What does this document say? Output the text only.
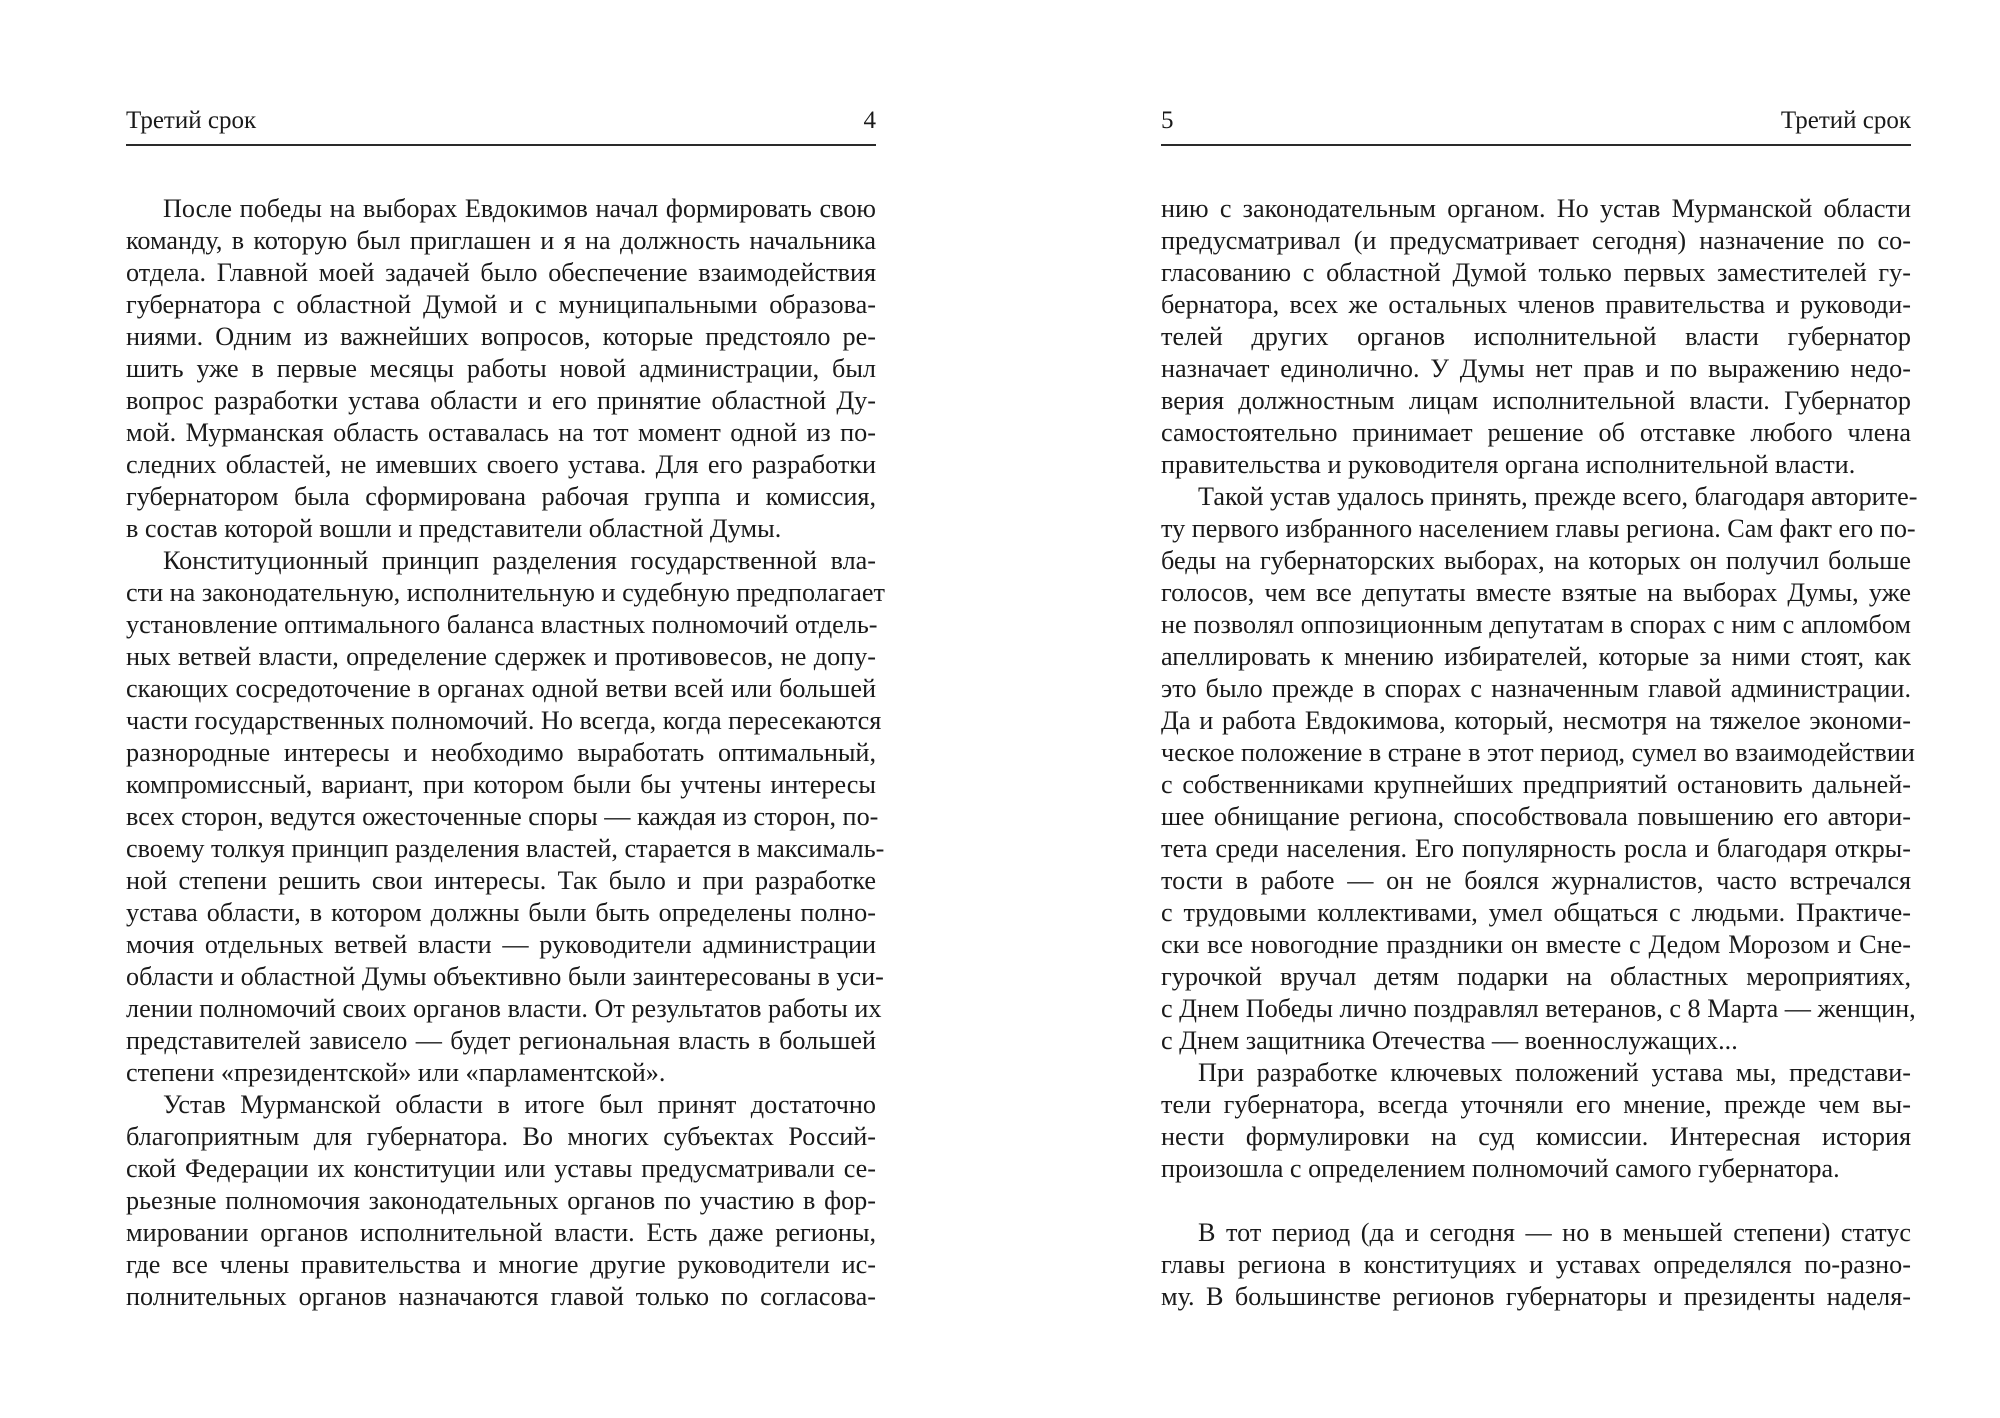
Третий срок	4
После победы на выборах Евдокимов начал формировать свою
команду, в которую был приглашен и я на должность начальника
отдела. Главной моей задачей было обеспечение взаимодействия
губернатора с областной Думой и с муниципальными образова-
ниями. Одним из важнейших вопросов, которые предстояло ре-
шить уже в первые месяцы работы новой администрации, был
вопрос разработки устава области и его принятие областной Ду-
мой. Мурманская область оставалась на тот момент одной из по-
следних областей, не имевших своего устава. Для его разработки
губернатором была сформирована рабочая группа и комиссия,
в состав которой вошли и представители областной Думы.
Конституционный принцип разделения государственной вла-
сти на законодательную, исполнительную и судебную предполагает
установление оптимального баланса властных полномочий отдель-
ных ветвей власти, определение сдержек и противовесов, не допу-
скающих сосредоточение в органах одной ветви всей или большей
части государственных полномочий. Но всегда, когда пересекаются
разнородные интересы и необходимо выработать оптимальный,
компромиссный, вариант, при котором были бы учтены интересы
всех сторон, ведутся ожесточенные споры — каждая из сторон, по-
своему толкуя принцип разделения властей, старается в максималь-
ной степени решить свои интересы. Так было и при разработке
устава области, в котором должны были быть определены полно-
мочия отдельных ветвей власти — руководители администрации
области и областной Думы объективно были заинтересованы в уси-
лении полномочий своих органов власти. От результатов работы их
представителей зависело — будет региональная власть в большей
степени «президентской» или «парламентской».
Устав Мурманской области в итоге был принят достаточно
благоприятным для губернатора. Во многих субъектах Россий-
ской Федерации их конституции или уставы предусматривали се-
рьезные полномочия законодательных органов по участию в фор-
мировании органов исполнительной власти. Есть даже регионы,
где все члены правительства и многие другие руководители ис-
полнительных органов назначаются главой только по согласова-
5	Третий срок
нию с законодательным органом. Но устав Мурманской области
предусматривал (и предусматривает сегодня) назначение по со-
гласованию с областной Думой только первых заместителей гу-
бернатора, всех же остальных членов правительства и руководи-
телей других органов исполнительной власти губернатор
назначает единолично. У Думы нет прав и по выражению недо-
верия должностным лицам исполнительной власти. Губернатор
самостоятельно принимает решение об отставке любого члена
правительства и руководителя органа исполнительной власти.
Такой устав удалось принять, прежде всего, благодаря авторите-
ту первого избранного населением главы региона. Сам факт его по-
беды на губернаторских выборах, на которых он получил больше
голосов, чем все депутаты вместе взятые на выборах Думы, уже
не позволял оппозиционным депутатам в спорах с ним с апломбом
апеллировать к мнению избирателей, которые за ними стоят, как
это было прежде в спорах с назначенным главой администрации.
Да и работа Евдокимова, который, несмотря на тяжелое экономи-
ческое положение в стране в этот период, сумел во взаимодействии
с собственниками крупнейших предприятий остановить дальней-
шее обнищание региона, способствовала повышению его автори-
тета среди населения. Его популярность росла и благодаря откры-
тости в работе — он не боялся журналистов, часто встречался
с трудовыми коллективами, умел общаться с людьми. Практиче-
ски все новогодние праздники он вместе с Дедом Морозом и Сне-
гурочкой вручал детям подарки на областных мероприятиях,
с Днем Победы лично поздравлял ветеранов, с 8 Марта — женщин,
с Днем защитника Отечества — военнослужащих...
При разработке ключевых положений устава мы, представи-
тели губернатора, всегда уточняли его мнение, прежде чем вы-
нести формулировки на суд комиссии. Интересная история
произошла с определением полномочий самого губернатора.
В тот период (да и сегодня — но в меньшей степени) статус
главы региона в конституциях и уставах определялся по-разно-
му. В большинстве регионов губернаторы и президенты наделя-
